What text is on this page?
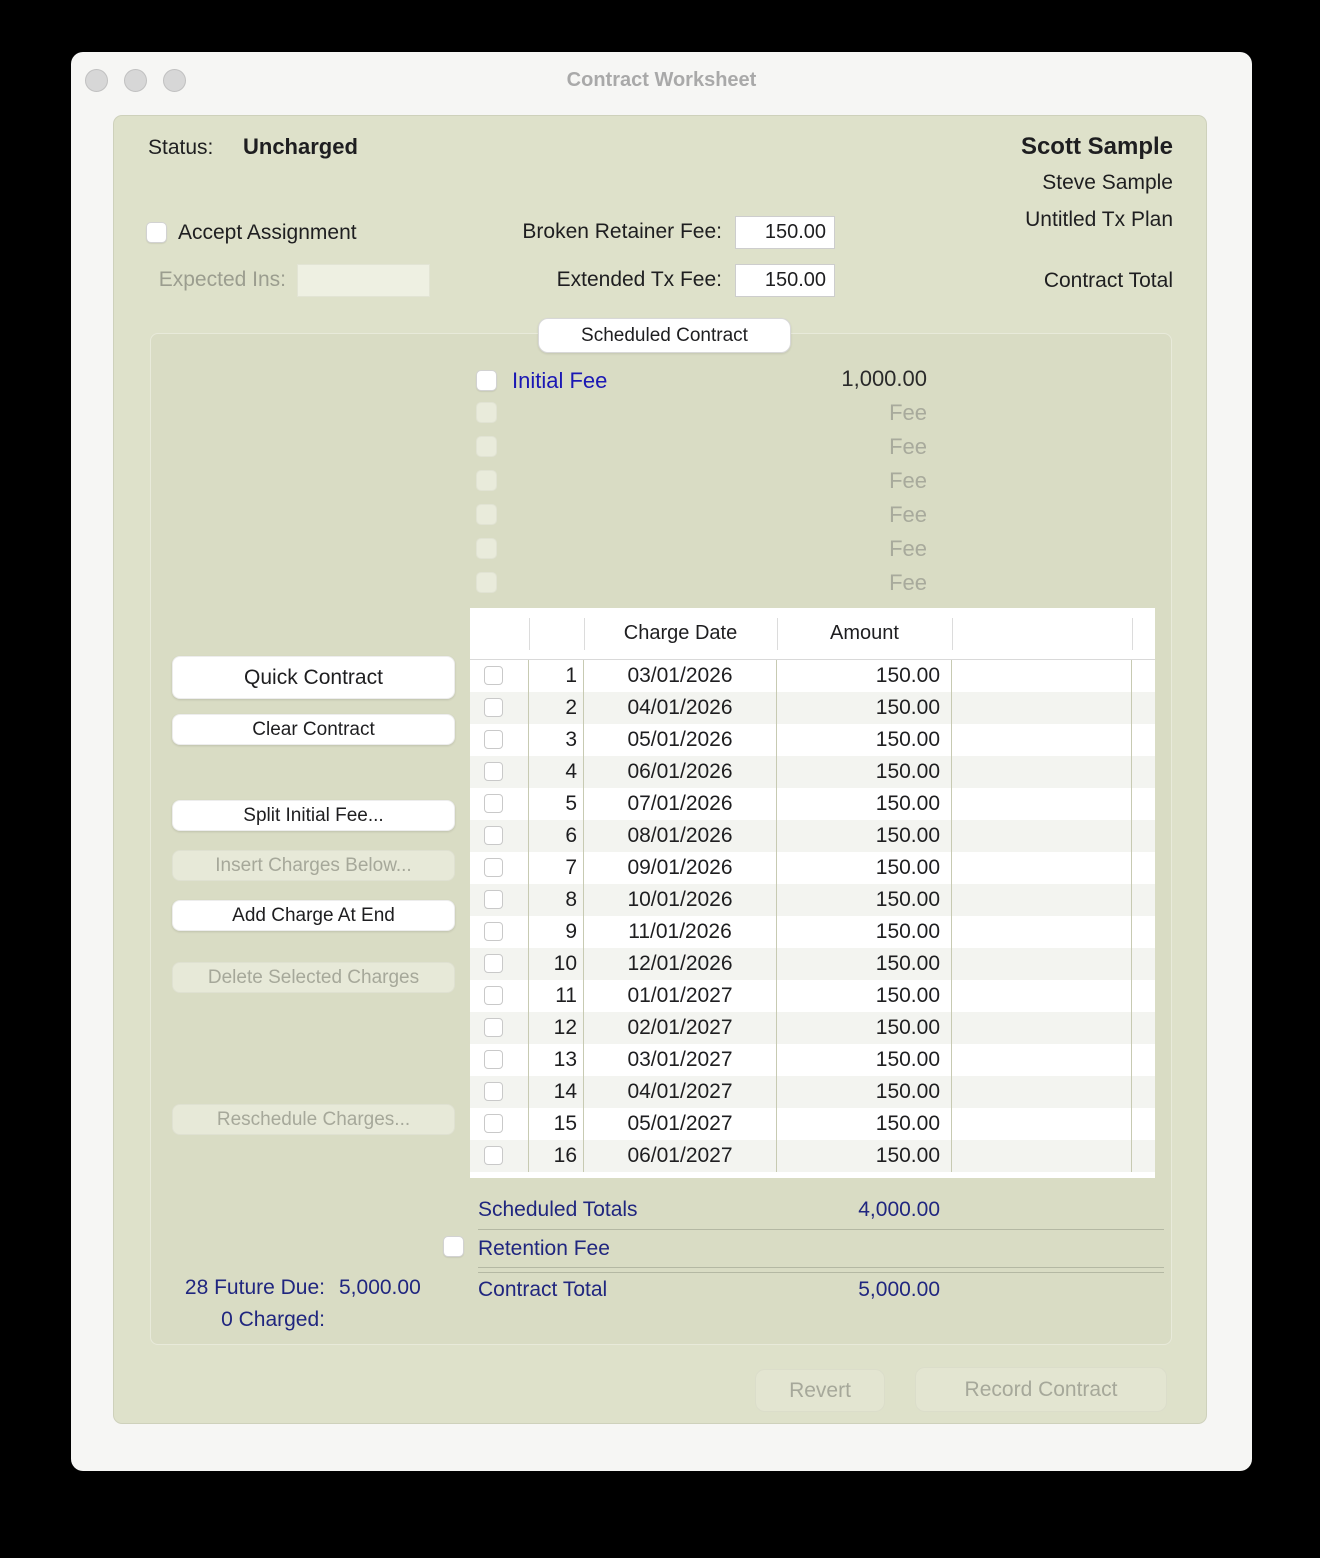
Contract Worksheet
Status: Uncharged	Scott Sample
Steve Sample
Untitled Tx Plan
Contract Total
Accept Assignment	Broken Retainer Fee:	150.00
Expected Ins:	Extended Tx Fee:	150.00
Scheduled Contract
Initial Fee	1,000.00
Fee
Fee
Fee
Fee
Fee
Fee
Charge Date	Amount
1	03/01/2026	150.00
2	04/01/2026	150.00
3	05/01/2026	150.00
4	06/01/2026	150.00
5	07/01/2026	150.00
6	08/01/2026	150.00
7	09/01/2026	150.00
8	10/01/2026	150.00
9	11/01/2026	150.00
10	12/01/2026	150.00
11	01/01/2027	150.00
12	02/01/2027	150.00
13	03/01/2027	150.00
14	04/01/2027	150.00
15	05/01/2027	150.00
16	06/01/2027	150.00
Scheduled Totals	4,000.00
Retention Fee
Contract Total	5,000.00
28 Future Due: 5,000.00
0 Charged:
Quick Contract
Clear Contract
Split Initial Fee...
Insert Charges Below...
Add Charge At End
Delete Selected Charges
Reschedule Charges...
Revert	Record Contract
